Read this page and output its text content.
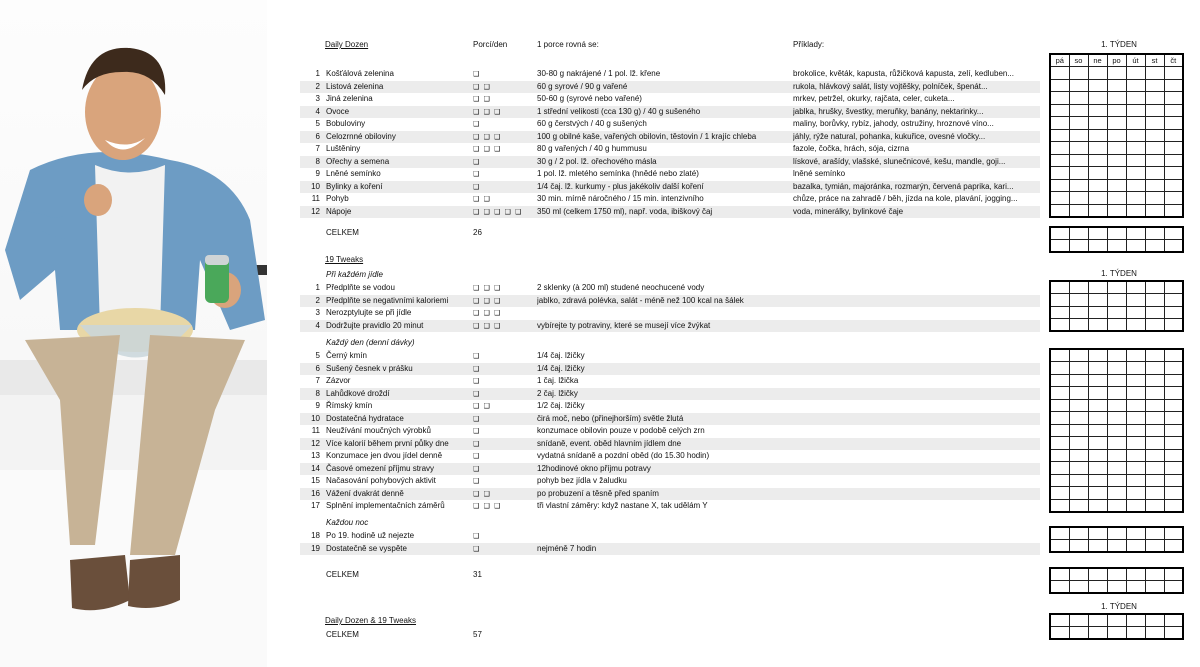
Daily Dozen	Porcí/den	1 porce rovná se:	Příklady:
1 Košťálová zelenina	❑	30-80 g nakrájené / 1 pol. lž. křene	brokolice, květák, kapusta, růžičková kapusta, zelí, kedluben...
2 Listová zelenina	❑ ❑	60 g syrové / 90 g vařené	rukola, hlávkový salát, listy vojtěšky, polníček, špenát...
3 Jiná zelenina	❑ ❑	50-60 g (syrové nebo vařené)	mrkev, petržel, okurky, rajčata, celer, cuketa...
4 Ovoce	❑ ❑ ❑	1 střední velikosti (cca 130 g) / 40 g sušeného	jablka, hrušky, švestky, meruňky, banány, nektarinky...
5 Bobuloviny	❑	60 g čerstvých / 40 g sušených	maliny, borůvky, rybíz, jahody, ostružiny, hroznové víno...
6 Celozrnné obiloviny	❑ ❑ ❑	100 g obilné kaše, vařených obilovin, těstovin / 1 krajíc chleba	jáhly, rýže natural, pohanka, kukuřice, ovesné vločky...
7 Luštěniny	❑ ❑ ❑	80 g vařených / 40 g hummusu	fazole, čočka, hrách, sója, cizrna
8 Ořechy a semena	❑	30 g / 2 pol. lž. ořechového másla	lískové, arašídy, vlašské, slunečnicové, kešu, mandle, goji...
9 Lněné semínko	❑	1 pol. lž. mletého semínka (hnědé nebo zlaté)	lněné semínko
10 Bylinky a koření	❑	1/4 čaj. lž. kurkumy - plus jakékoliv další koření	bazalka, tymián, majoránka, rozmarýn, červená paprika, kari...
11 Pohyb	❑ ❑	30 min. mírně náročného / 15 min. intenzivního	chůze, práce na zahradě / běh, jízda na kole, plavání, jogging...
12 Nápoje	❑ ❑ ❑ ❑ ❑	350 ml (celkem 1750 ml), např. voda, ibiškový čaj	voda, minerálky, bylinkové čaje
CELKEM	26
19 Tweaks
Při každém jídle
1 Předplňte se vodou	❑ ❑ ❑	2 sklenky (à 200 ml) studené neochucené vody
2 Předplňte se negativními kaloriemi	❑ ❑ ❑	jablko, zdravá polévka, salát - méně než 100 kcal na šálek
3 Nerozptylujte se při jídle	❑ ❑ ❑
4 Dodržujte pravidlo 20 minut	❑ ❑ ❑	vybírejte ty potraviny, které se musejí více žvýkat
Každý den (denní dávky)
5 Černý kmín	❑	1/4 čaj. lžičky
6 Sušený česnek v prášku	❑	1/4 čaj. lžičky
7 Zázvor	❑	1 čaj. lžička
8 Lahůdkové droždí	❑	2 čaj. lžičky
9 Římský kmín	❑ ❑	1/2 čaj. lžičky
10 Dostatečná hydratace	❑	čirá moč, nebo (přinejhorším) světle žlutá
11 Neužívání moučných výrobků	❑	konzumace obilovin pouze v podobě celých zrn
12 Více kalorií během první půlky dne	❑	snídaně, event. oběd hlavním jídlem dne
13 Konzumace jen dvou jídel denně	❑	vydatná snídaně a pozdní oběd (do 15.30 hodin)
14 Časové omezení příjmu stravy	❑	12hodinové okno příjmu potravy
15 Načasování pohybových aktivit	❑	pohyb bez jídla v žaludku
16 Vážení dvakrát denně	❑ ❑	po probuzení a těsně před spaním
17 Splnění implementačních záměrů	❑ ❑ ❑	tři vlastní záměry: když nastane X, tak udělám Y
Každou noc
18 Po 19. hodině už nejezte	❑
19 Dostatečně se vyspěte	❑	nejméně 7 hodin
CELKEM	31
Daily Dozen & 19 Tweaks
CELKEM	57
1. TÝDEN
pá	so	ne	po	út	st	čt

1. TÝDEN

1. TÝDEN
